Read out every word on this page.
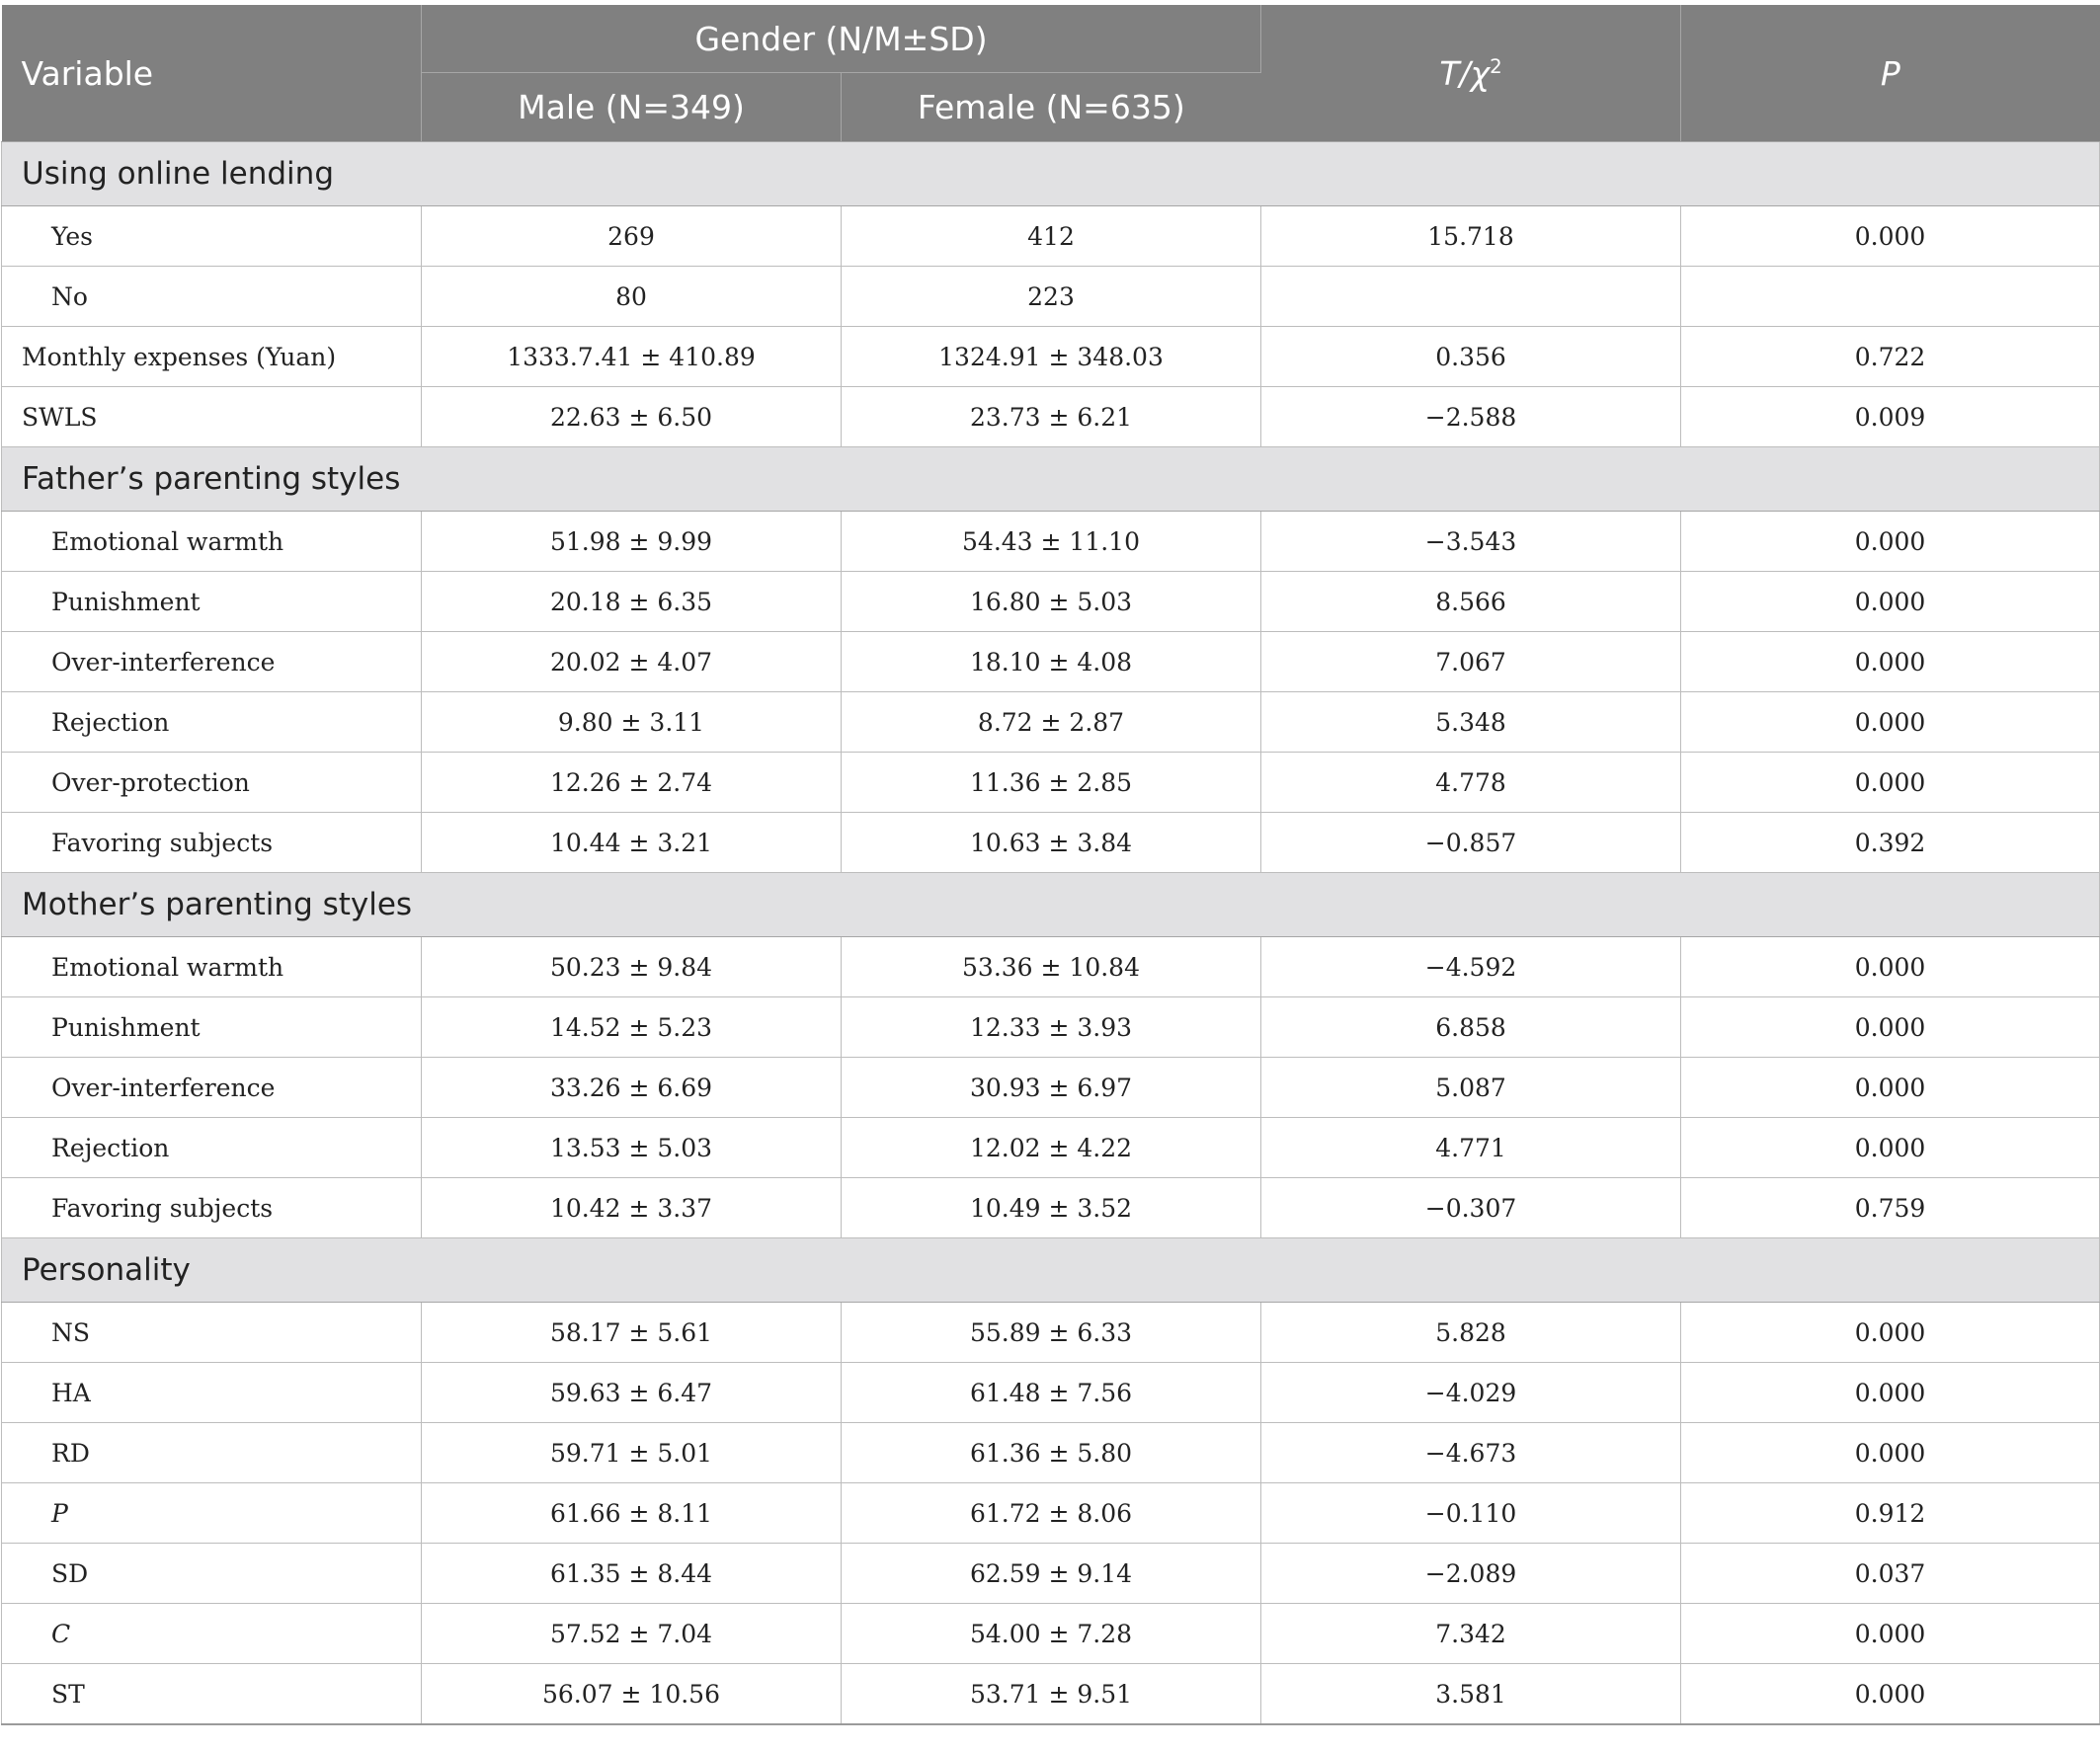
Variable	Gender (N/M±SD)		$T/\chi^2$	P
	Male (N=349)	Female (N=635)		
Using online lending				
Yes	269	412	15.718	0.000
No	80	223		
Monthly expenses (Yuan)	1333.7.41 ± 410.89	1324.91 ± 348.03	0.356	0.722
SWLS	22.63 ± 6.50	23.73 ± 6.21	−2.588	0.009
Father’s parenting styles				
Emotional warmth	51.98 ± 9.99	54.43 ± 11.10	−3.543	0.000
Punishment	20.18 ± 6.35	16.80 ± 5.03	8.566	0.000
Over-interference	20.02 ± 4.07	18.10 ± 4.08	7.067	0.000
Rejection	9.80 ± 3.11	8.72 ± 2.87	5.348	0.000
Over-protection	12.26 ± 2.74	11.36 ± 2.85	4.778	0.000
Favoring subjects	10.44 ± 3.21	10.63 ± 3.84	−0.857	0.392
Mother’s parenting styles				
Emotional warmth	50.23 ± 9.84	53.36 ± 10.84	−4.592	0.000
Punishment	14.52 ± 5.23	12.33 ± 3.93	6.858	0.000
Over-interference	33.26 ± 6.69	30.93 ± 6.97	5.087	0.000
Rejection	13.53 ± 5.03	12.02 ± 4.22	4.771	0.000
Favoring subjects	10.42 ± 3.37	10.49 ± 3.52	−0.307	0.759
Personality				
NS	58.17 ± 5.61	55.89 ± 6.33	5.828	0.000
HA	59.63 ± 6.47	61.48 ± 7.56	−4.029	0.000
RD	59.71 ± 5.01	61.36 ± 5.80	−4.673	0.000
P	61.66 ± 8.11	61.72 ± 8.06	−0.110	0.912
SD	61.35 ± 8.44	62.59 ± 9.14	−2.089	0.037
C	57.52 ± 7.04	54.00 ± 7.28	7.342	0.000
ST	56.07 ± 10.56	53.71 ± 9.51	3.581	0.000
